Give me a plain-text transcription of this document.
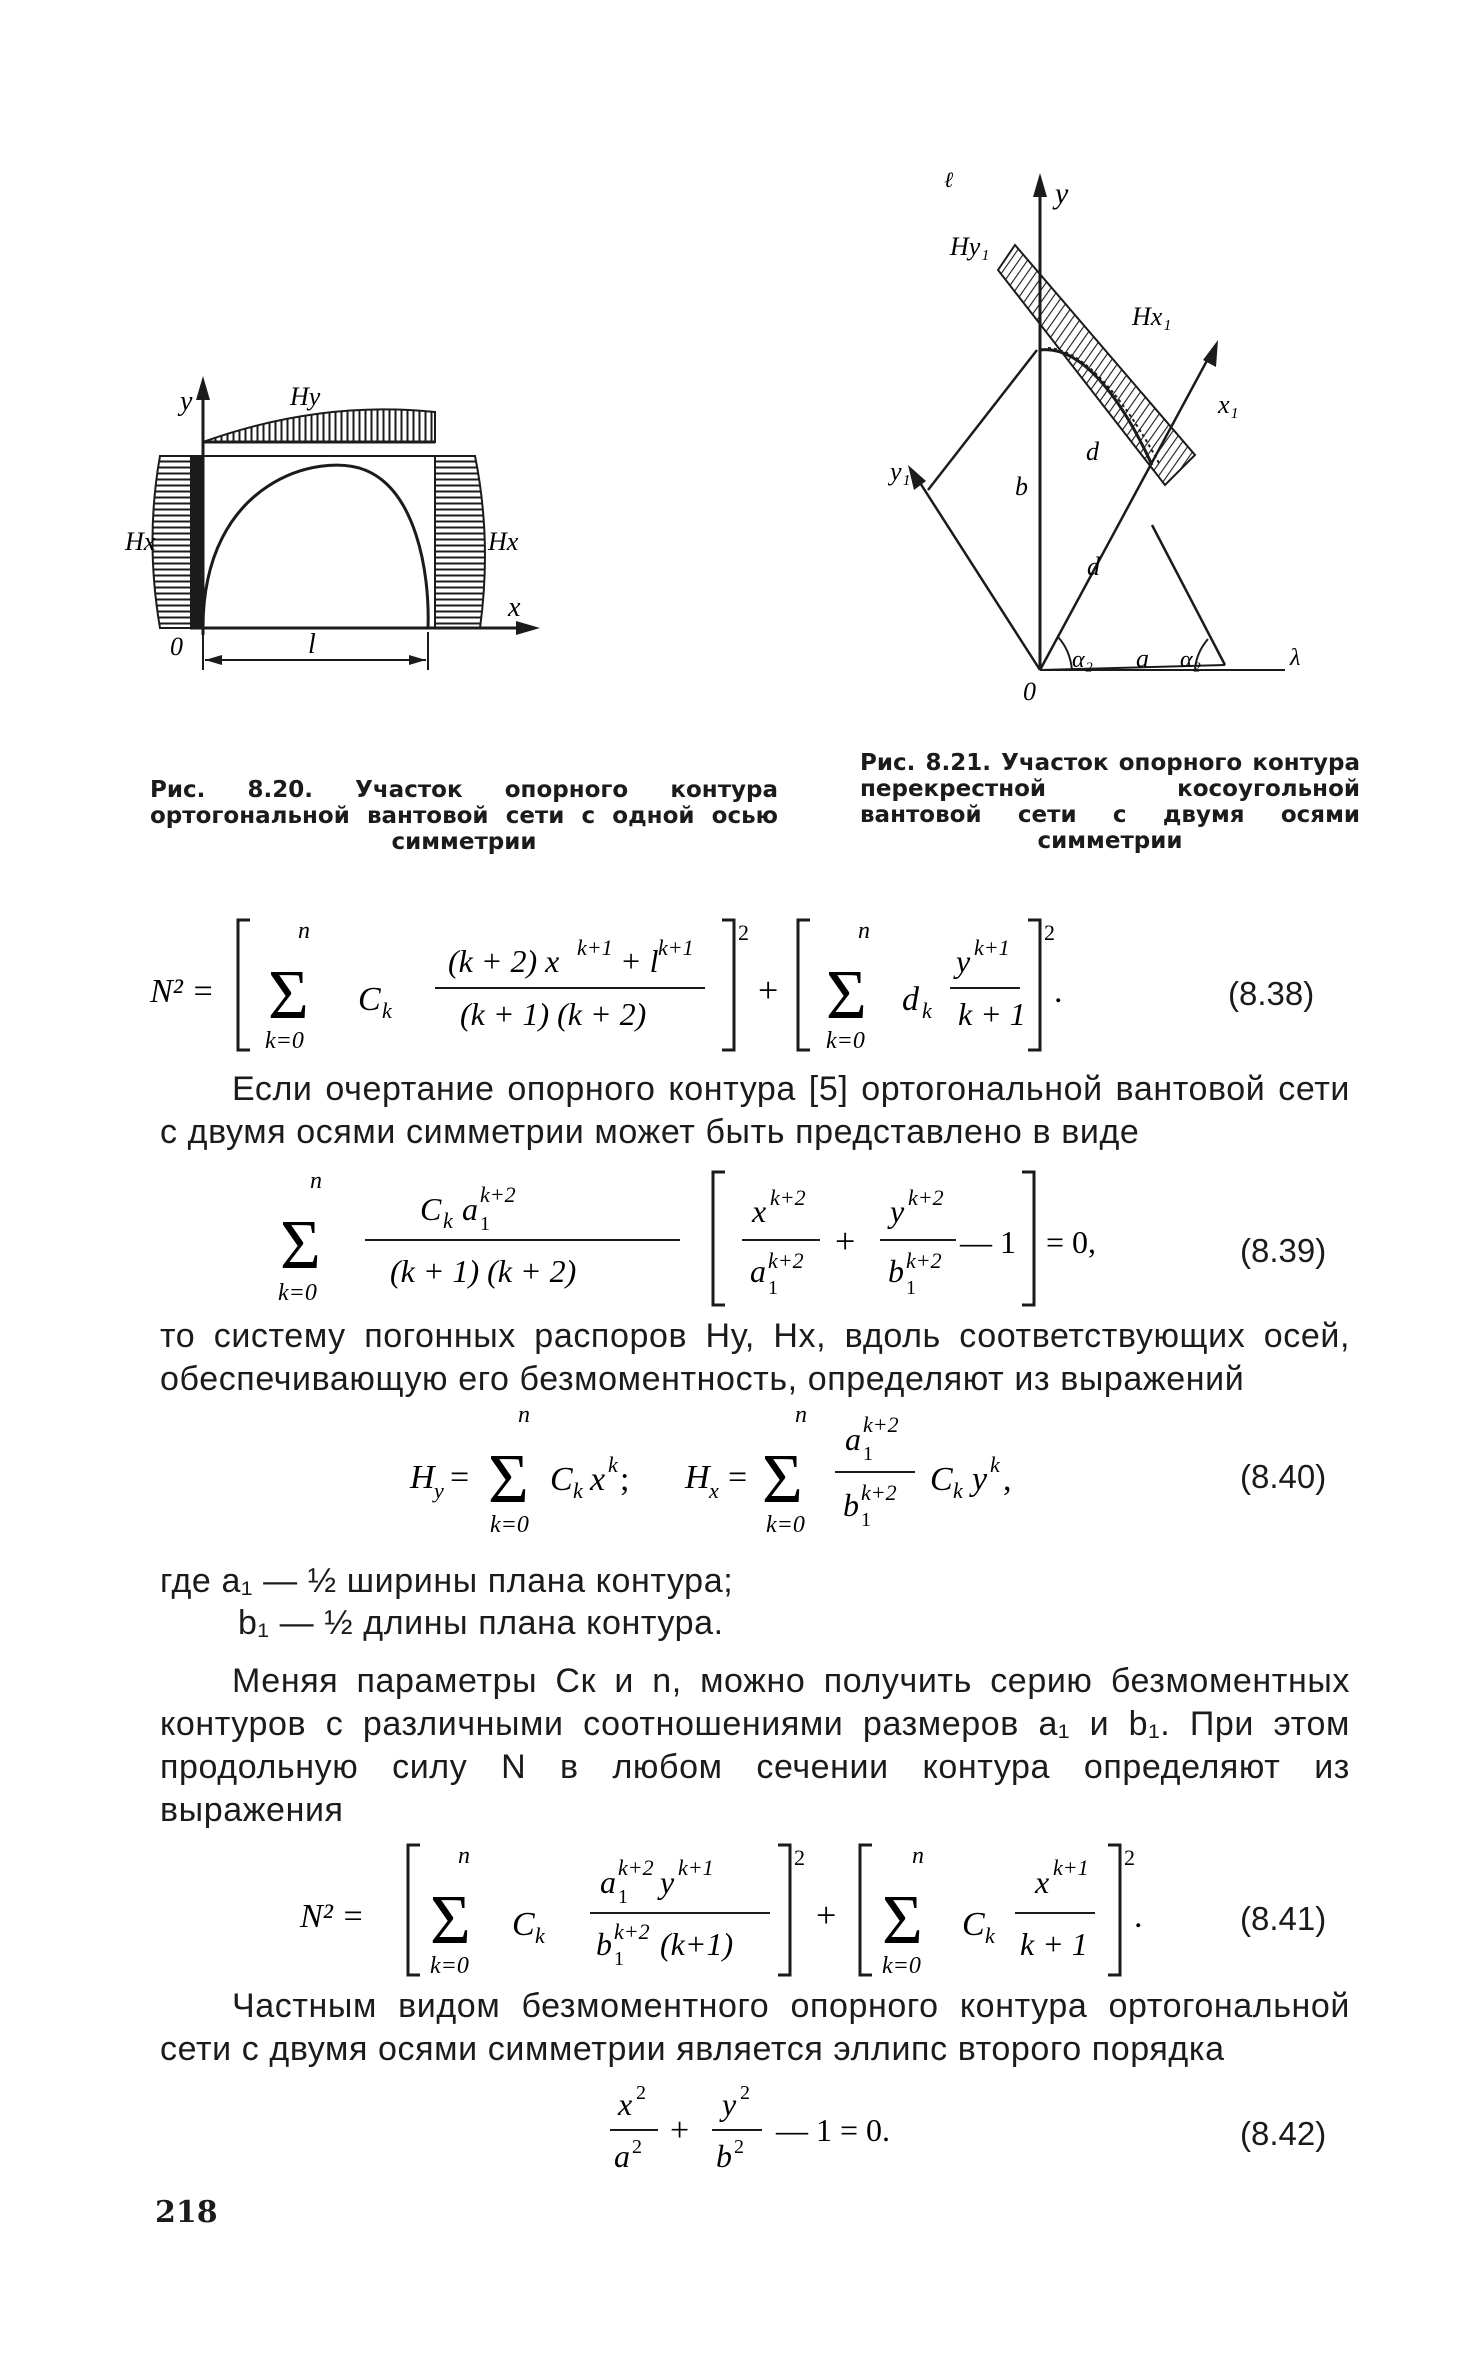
y	Hу
Hх	Hх
x
0	l
Рис. 8.20. Участок опорного контура ортогональной вантовой сети с одной осью симметрии
ℓ	y
Hу₁
Hх₁
x₁
y₁
b
d
d
α₂ a α₂	λ
0
Рис. 8.21. Участок опорного контура перекрестной косоугольной вантовой сети с двумя осями симметрии
N² =
n
Σ
k=0
C k
(k + 2) x k+1 + l k+1
(k + 1) (k + 2)
2
+
n
Σ
k=0
d k
y k+1
k + 1
2
.	(8.38)
Если очертание опорного контура [5] ортогональной вантовой сети с двумя осями симметрии может быть представлено в виде
n
Σ
k=0
C k a k+2
1
(k + 1) (k + 2)
x k+2
a k+2
1
+
y k+2
b k+2
1
— 1 = 0,	(8.39)
то систему погонных распоров Hу, Hх, вдоль соответствующих осей, обеспечивающую его безмоментность, определяют из выражений
H y =
n
Σ
k=0
C k x k ; H x =
n
Σ
k=0
a k+2
1
b k+2
1
C k y k ,	(8.40)
где a₁ — ½ ширины плана контура;
b₁ — ½ длины плана контура.
Меняя параметры Cк и n, можно получить серию безмоментных контуров с различными соотношениями размеров a₁ и b₁. При этом продольную силу N в любом сечении контура определяют из выражения
N² =
n
Σ
k=0
C k
a k+2
1 y k+1
b k+2
1 (k+1)
2
+
n
Σ
k=0
C k
x k+1
k + 1
2
.	(8.41)
Частным видом безмоментного опорного контура ортогональной сети с двумя осями симметрии является эллипс второго порядка
x 2
a 2 +
y 2
b 2 — 1 = 0.	(8.42)
218
